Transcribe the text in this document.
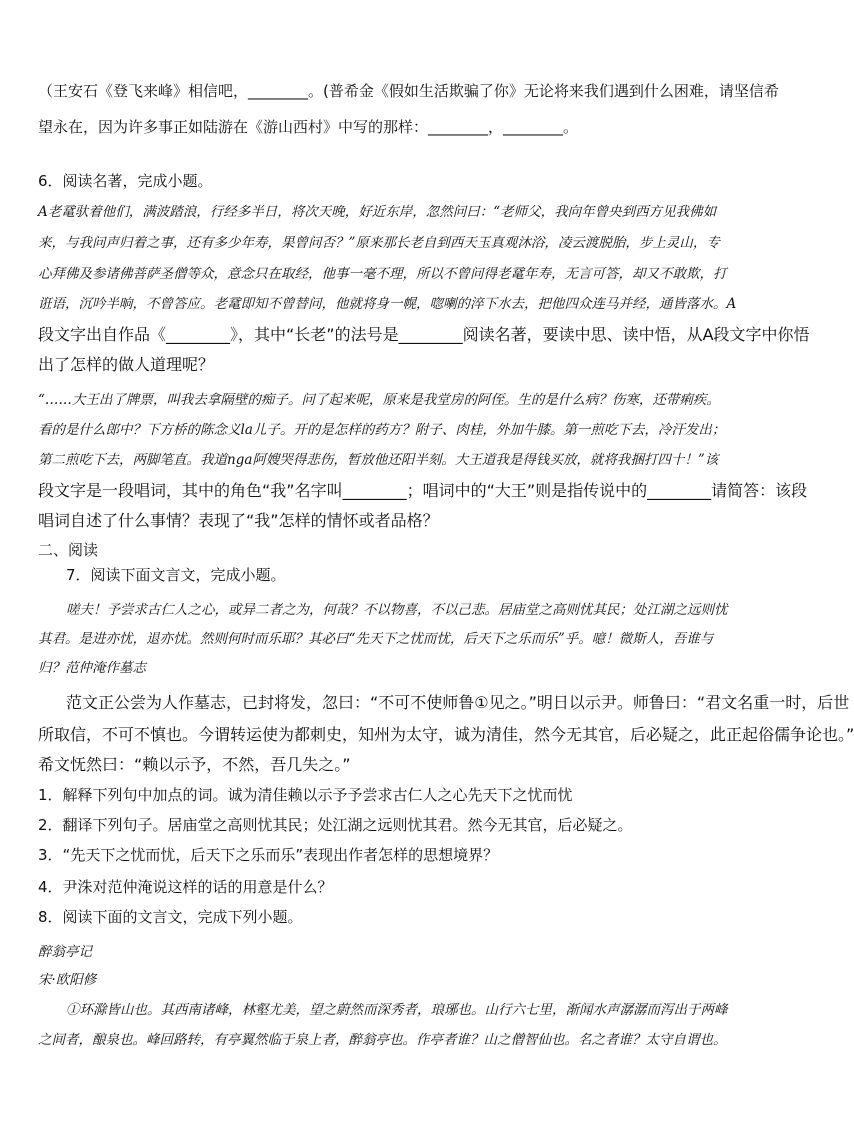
（王安石《登飞来峰》相信吧，________。(普希金《假如生活欺骗了你》无论将来我们遇到什么困难，请坚信希

望永在，因为许多事正如陆游在《游山西村》中写的那样：________，________。

6．阅读名著，完成小题。

A老鼋驮着他们，满波踏浪，行经多半日，将次天晚，好近东岸，忽然问曰：“老师父，我向年曾央到西方见我佛如

来，与我问声归着之事，还有多少年寿，果曾问否？”原来那长老自到西天玉真观沐浴，凌云渡脱胎，步上灵山，专

心拜佛及参诸佛菩萨圣僧等众，意念只在取经，他事一毫不理，所以不曾问得老鼋年寿，无言可答，却又不敢欺，打

诳语，沉吟半晌，不曾答应。老鼋即知不曾替问，他就将身一幌，唿喇的淬下水去，把他四众连马并经，通皆落水。A

段文字出自作品《________》，其中“长老”的法号是________阅读名著，要读中思、读中悟，从A段文字中你悟

出了怎样的做人道理呢？

“……大王出了牌票，叫我去拿隔壁的痴子。问了起来呢，原来是我堂房的阿侄。生的是什么病？伤寒，还带痢疾。

看的是什么郎中？下方桥的陈念义la儿子。开的是怎样的药方？附子、肉桂，外加牛膝。第一煎吃下去，冷汗发出；

第二煎吃下去，两脚笔直。我道nga阿嫂哭得悲伤，暂放他还阳半刻。大王道我是得钱买放，就将我捆打四十！”该

段文字是一段唱词，其中的角色“我”名字叫________；唱词中的“大王”则是指传说中的________请简答：该段

唱词自述了什么事情？表现了“我”怎样的情怀或者品格？

二、阅读

7．阅读下面文言文，完成小题。

嗟夫！予尝求古仁人之心，或异二者之为，何哉？不以物喜，不以己悲。居庙堂之高则忧其民；处江湖之远则忧

其君。是进亦忧，退亦忧。然则何时而乐耶？其必曰“先天下之忧而忧，后天下之乐而乐”乎。噫！微斯人，吾谁与

归？范仲淹作墓志

范文正公尝为人作墓志，已封将发，忽曰：“不可不使师鲁①见之。”明日以示尹。师鲁曰：“君文名重一时，后世

所取信，不可不慎也。今谓转运使为都刺史，知州为太守，诚为清佳，然今无其官，后必疑之，此正起俗儒争论也。”

希文怃然曰：“赖以示予，不然，吾几失之。”

1．解释下列句中加点的词。诚为清佳赖以示予予尝求古仁人之心先天下之忧而忧

2．翻译下列句子。居庙堂之高则忧其民；处江湖之远则忧其君。然今无其官，后必疑之。

3．“先天下之忧而忧，后天下之乐而乐”表现出作者怎样的思想境界？

4．尹洙对范仲淹说这样的话的用意是什么？

8．阅读下面的文言文，完成下列小题。

醉翁亭记

宋·欧阳修

①环滁皆山也。其西南诸峰，林壑尤美，望之蔚然而深秀者，琅琊也。山行六七里，渐闻水声潺潺而泻出于两峰

之间者，酿泉也。峰回路转，有亭翼然临于泉上者，醉翁亭也。作亭者谁？山之僧智仙也。名之者谁？太守自谓也。
